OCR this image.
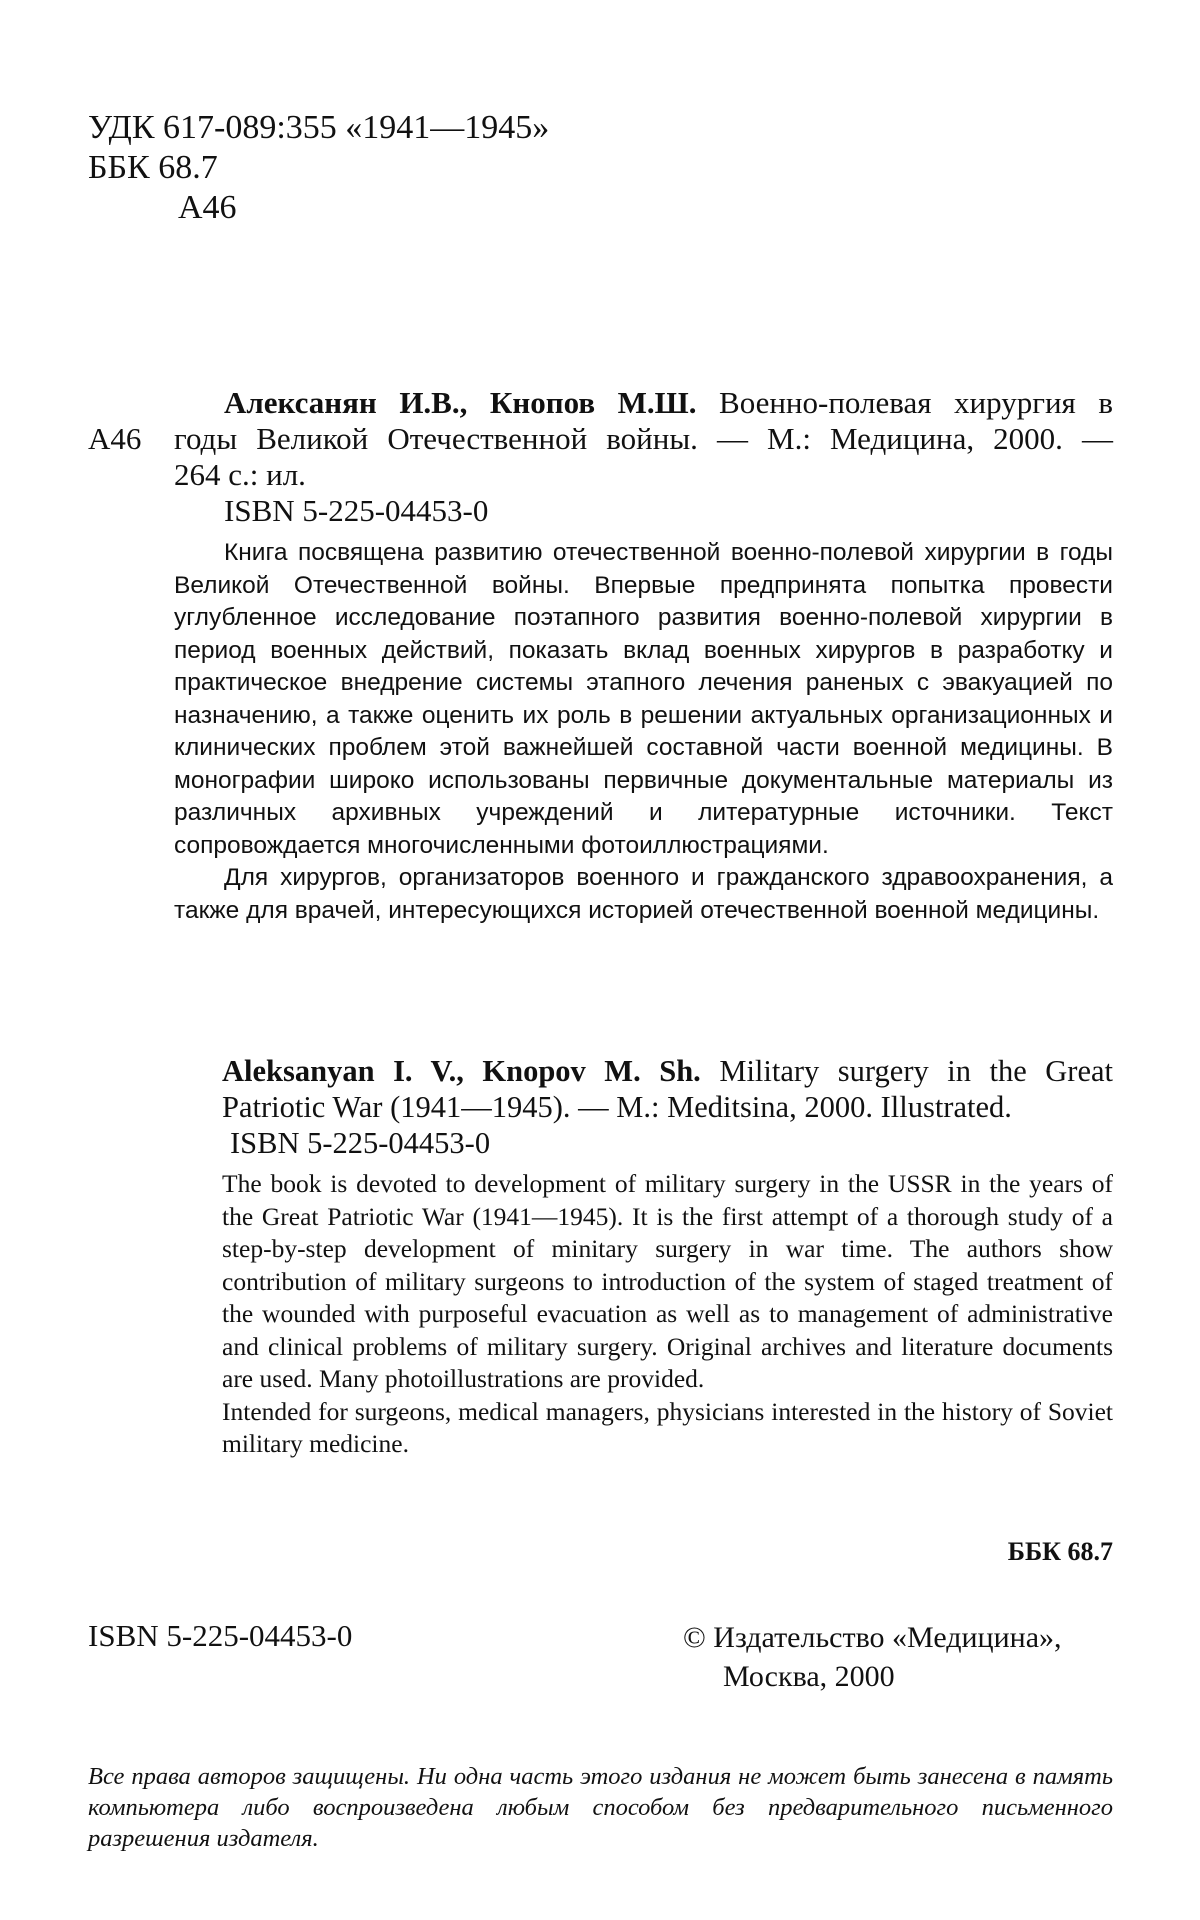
УДК 617-089:355 «1941—1945»
ББК 68.7
А46
Алексанян И.В., Кнопов М.Ш. Военно-полевая хирургия в
А46 годы Великой Отечественной войны. — М.: Медицина, 2000. —
264 с.: ил.
ISBN 5-225-04453-0

Книга посвящена развитию отечественной военно-полевой хирургии в годы Великой Отечественной войны. Впервые предпринята попытка провести углубленное исследование поэтапного развития военно-полевой хирургии в период военных действий, показать вклад военных хирургов в разработку и практическое внедрение системы этапного лечения раненых с эвакуацией по назначению, а также оценить их роль в решении актуальных организационных и клинических проблем этой важнейшей составной части военной медицины. В монографии широко использованы первичные документальные материалы из различных архивных учреждений и литературные источники. Текст сопровождается многочисленными фотоиллюстрациями.

Для хирургов, организаторов военного и гражданского здравоохранения, а также для врачей, интересующихся историей отечественной военной медицины.

Aleksanyan I. V., Knopov M. Sh. Military surgery in the Great
Patriotic War (1941—1945). — M.: Meditsina, 2000. Illustrated.
ISBN 5-225-04453-0

The book is devoted to development of military surgery in the USSR in the years of the Great Patriotic War (1941—1945). It is the first attempt of a thorough study of a step-by-step development of minitary surgery in war time. The authors show contribution of military surgeons to introduction of the system of staged treatment of the wounded with purposeful evacuation as well as to management of administrative and clinical problems of military surgery. Original archives and literature documents are used. Many photoillustrations are provided.

Intended for surgeons, medical managers, physicians interested in the history of Soviet military medicine.

ББК 68.7
ISBN 5-225-04453-0	© Издательство «Медицина»,
Москва, 2000
Все права авторов защищены. Ни одна часть этого издания не может быть занесена в память компьютера либо воспроизведена любым способом без предварительного письменного разрешения издателя.
